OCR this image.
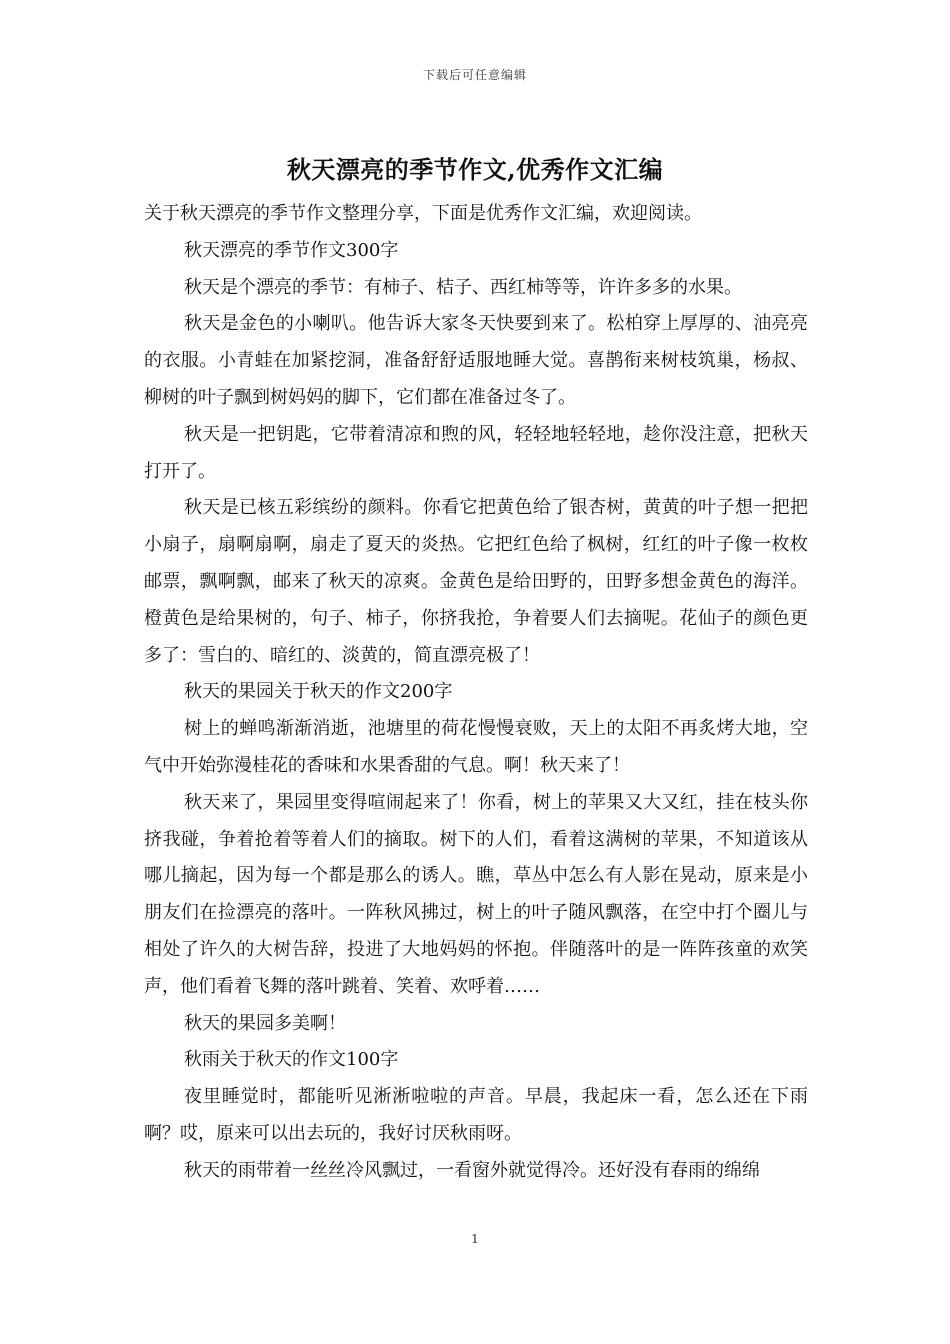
下载后可任意编辑
秋天漂亮的季节作文,优秀作文汇编

关于秋天漂亮的季节作文整理分享，下面是优秀作文汇编，欢迎阅读。

秋天漂亮的季节作文300字

秋天是个漂亮的季节：有柿子、桔子、西红柿等等，许许多多的水果。

秋天是金色的小喇叭。他告诉大家冬天快要到来了。松柏穿上厚厚的、油亮亮的衣服。小青蛙在加紧挖洞，准备舒舒适服地睡大觉。喜鹊衔来树枝筑巢，杨叔、柳树的叶子飘到树妈妈的脚下，它们都在准备过冬了。

秋天是一把钥匙，它带着清凉和煦的风，轻轻地轻轻地，趁你没注意，把秋天打开了。

秋天是已核五彩缤纷的颜料。你看它把黄色给了银杏树，黄黄的叶子想一把把小扇子，扇啊扇啊，扇走了夏天的炎热。它把红色给了枫树，红红的叶子像一枚枚邮票，飘啊飘，邮来了秋天的凉爽。金黄色是给田野的，田野多想金黄色的海洋。橙黄色是给果树的，句子、柿子，你挤我抢，争着要人们去摘呢。花仙子的颜色更多了：雪白的、暗红的、淡黄的，简直漂亮极了！

秋天的果园关于秋天的作文200字

树上的蝉鸣渐渐消逝，池塘里的荷花慢慢衰败，天上的太阳不再炙烤大地，空气中开始弥漫桂花的香味和水果香甜的气息。啊！秋天来了！

秋天来了，果园里变得喧闹起来了！你看，树上的苹果又大又红，挂在枝头你挤我碰，争着抢着等着人们的摘取。树下的人们，看着这满树的苹果，不知道该从哪儿摘起，因为每一个都是那么的诱人。瞧，草丛中怎么有人影在晃动，原来是小朋友们在捡漂亮的落叶。一阵秋风拂过，树上的叶子随风飘落，在空中打个圈儿与相处了许久的大树告辞，投进了大地妈妈的怀抱。伴随落叶的是一阵阵孩童的欢笑声，他们看着飞舞的落叶跳着、笑着、欢呼着……

秋天的果园多美啊！

秋雨关于秋天的作文100字

夜里睡觉时，都能听见淅淅啦啦的声音。早晨，我起床一看，怎么还在下雨啊？哎，原来可以出去玩的，我好讨厌秋雨呀。

秋天的雨带着一丝丝冷风飘过，一看窗外就觉得冷。还好没有春雨的绵绵

1
